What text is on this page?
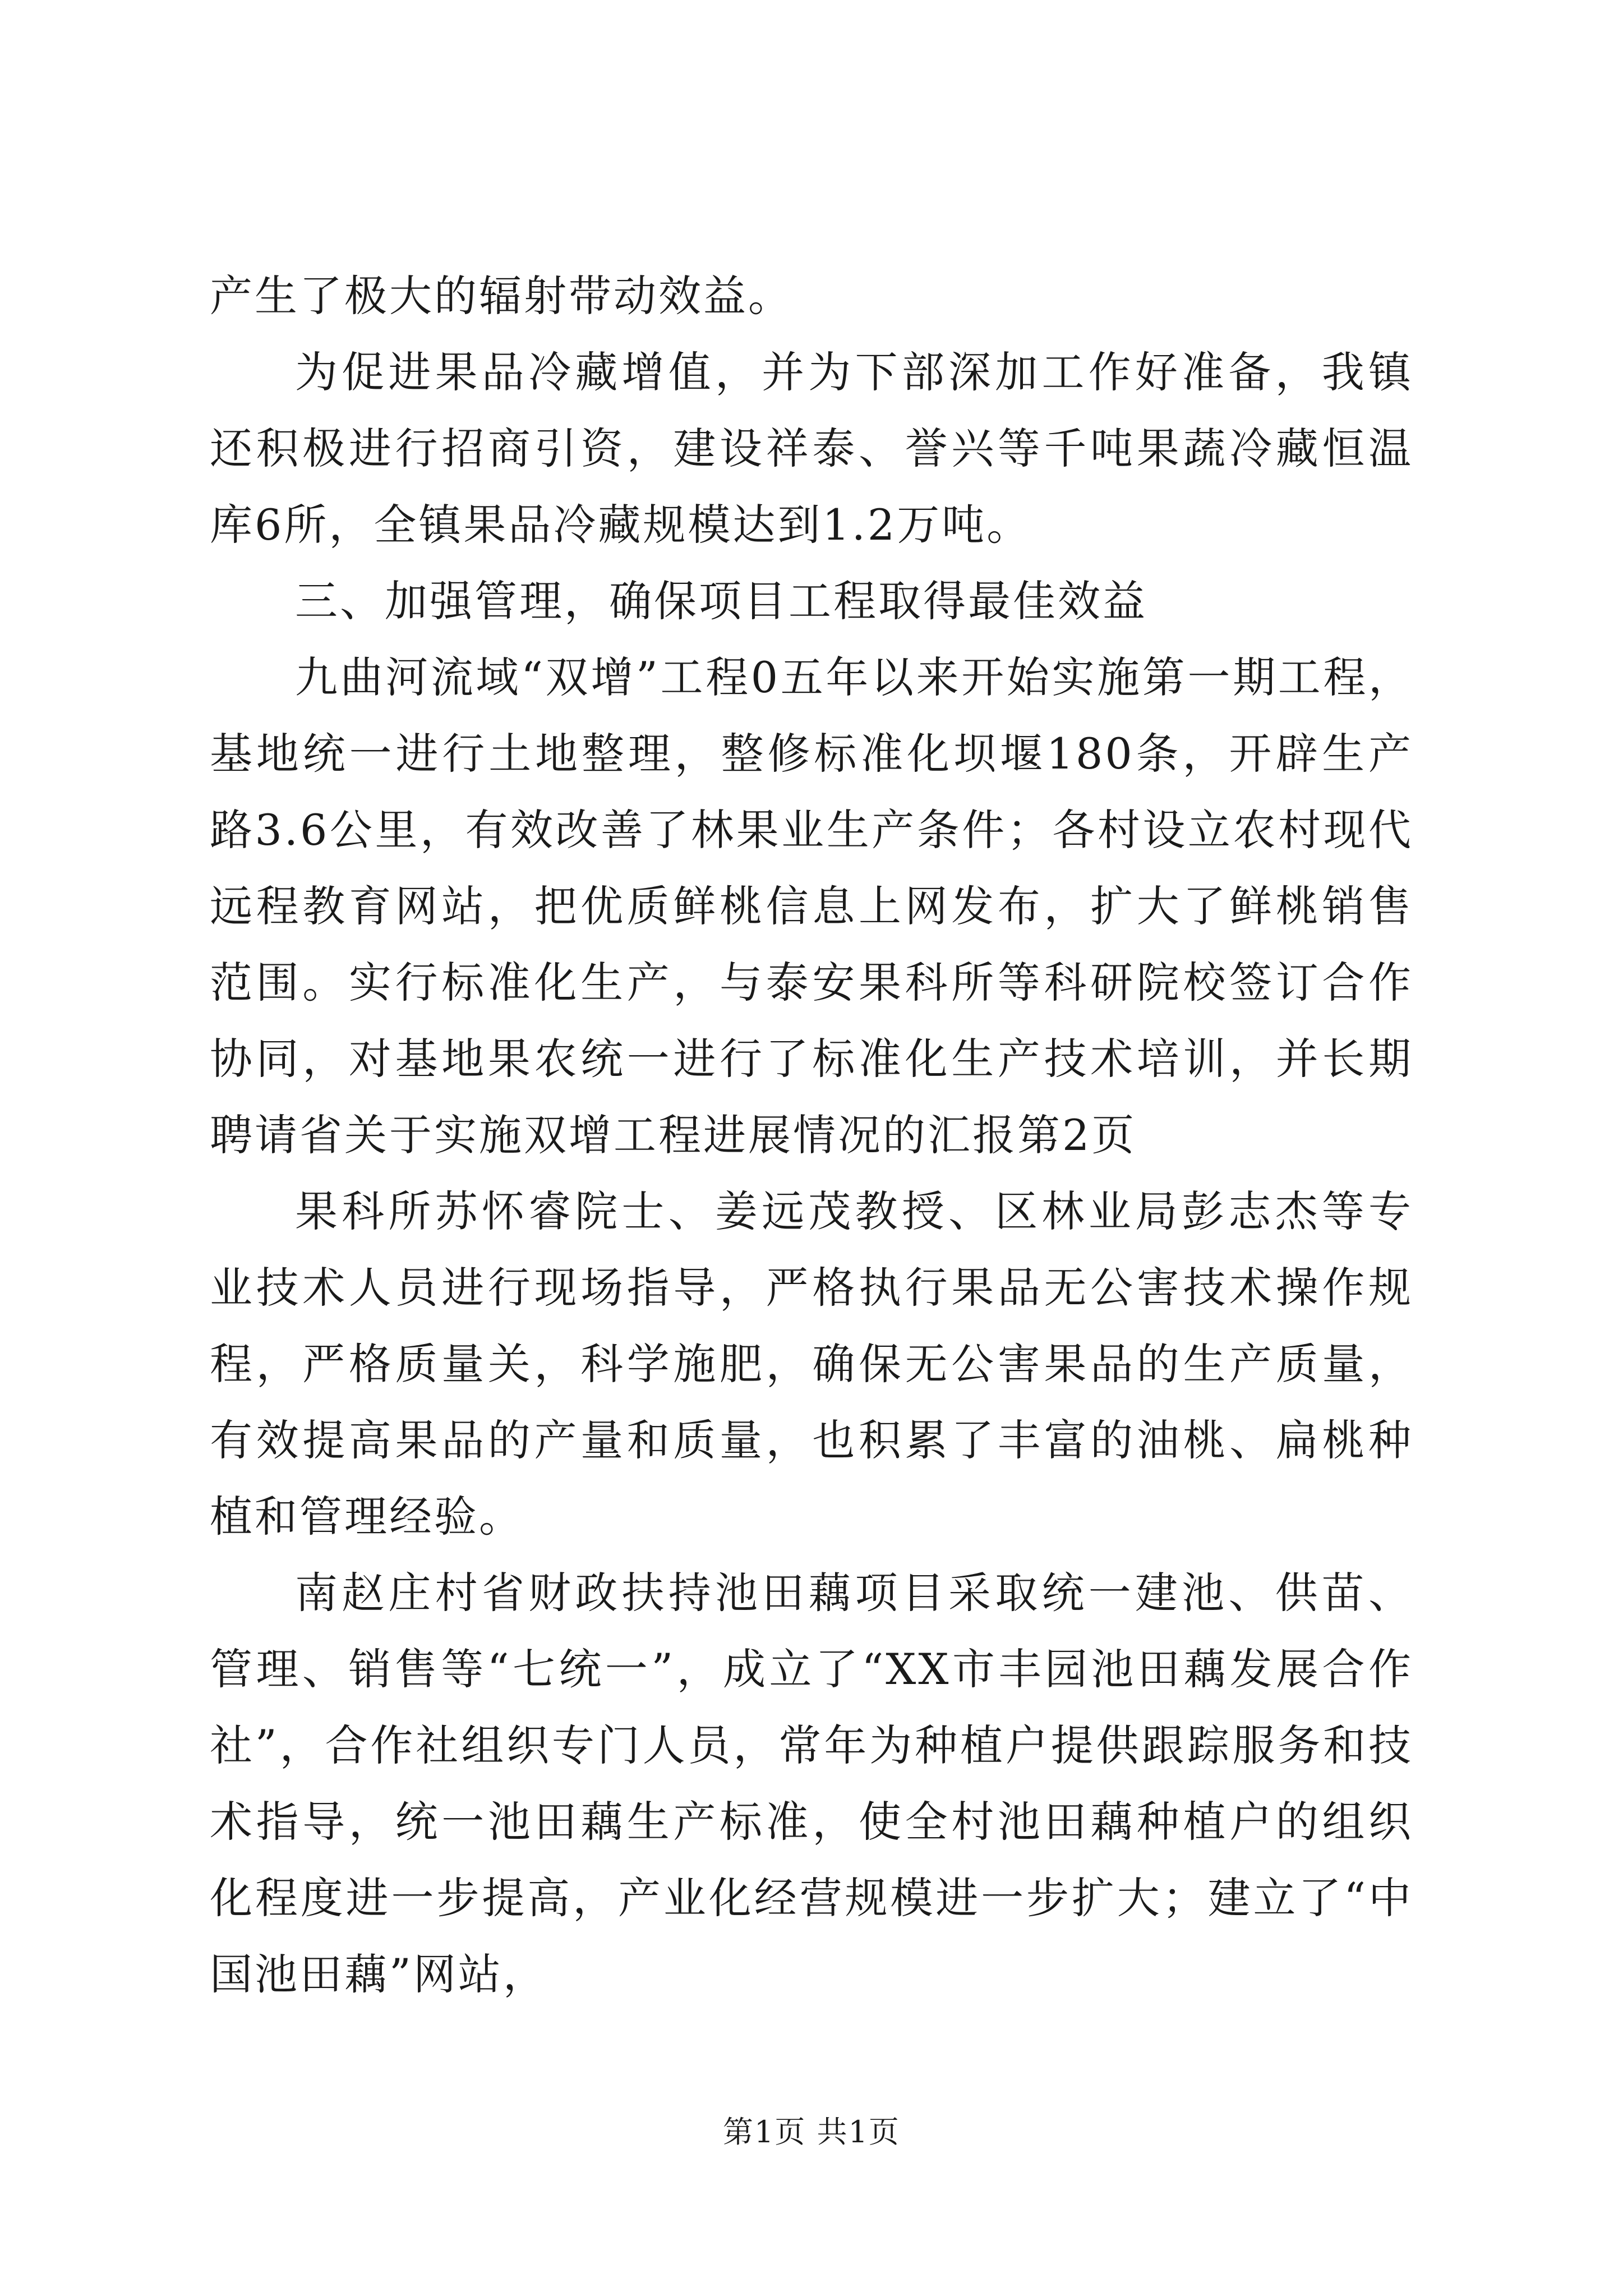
产生了极大的辐射带动效益。

为促进果品冷藏增值，并为下部深加工作好准备，我镇还积极进行招商引资，建设祥泰、誉兴等千吨果蔬冷藏恒温库6所，全镇果品冷藏规模达到1.2万吨。

三、加强管理，确保项目工程取得最佳效益

九曲河流域“双增”工程0五年以来开始实施第一期工程，基地统一进行土地整理，整修标准化坝堰180条，开辟生产路3.6公里，有效改善了林果业生产条件；各村设立农村现代远程教育网站，把优质鲜桃信息上网发布，扩大了鲜桃销售范围。实行标准化生产，与泰安果科所等科研院校签订合作协同，对基地果农统一进行了标准化生产技术培训，并长期聘请省关于实施双增工程进展情况的汇报第2页

果科所苏怀睿院士、姜远茂教授、区林业局彭志杰等专业技术人员进行现场指导，严格执行果品无公害技术操作规程，严格质量关，科学施肥，确保无公害果品的生产质量，有效提高果品的产量和质量，也积累了丰富的油桃、扁桃种植和管理经验。

南赵庄村省财政扶持池田藕项目采取统一建池、供苗、管理、销售等“七统一”，成立了“XX市丰园池田藕发展合作社”，合作社组织专门人员，常年为种植户提供跟踪服务和技术指导，统一池田藕生产标准，使全村池田藕种植户的组织化程度进一步提高，产业化经营规模进一步扩大；建立了“中国池田藕”网站，

第1页 共1页
